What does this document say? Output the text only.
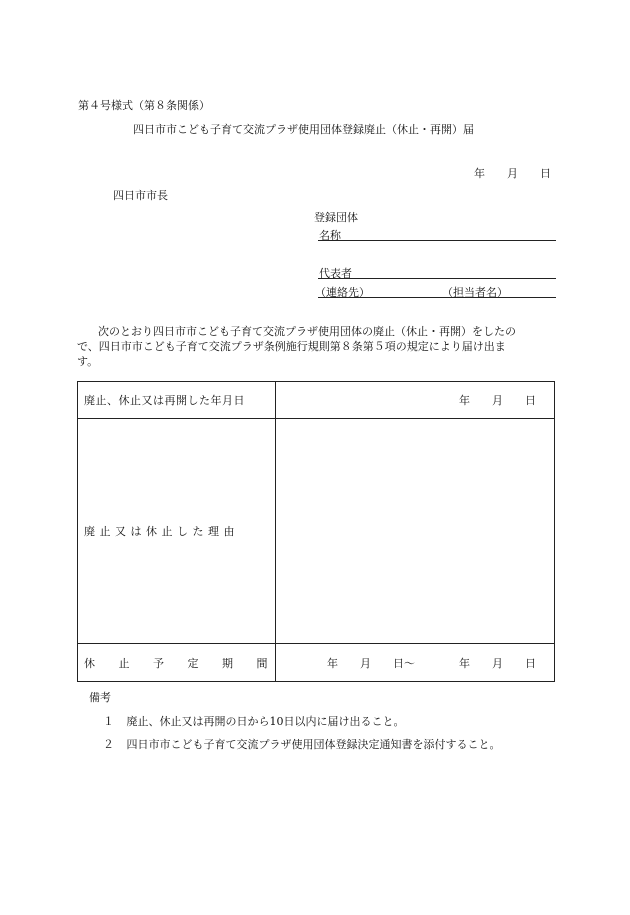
第４号様式（第８条関係）
四日市市こども子育て交流プラザ使用団体登録廃止（休止・再開）届
年　　月　　日
四日市市長
登録団体
名称
代表者
（連絡先）	（担当者名）
次のとおり四日市市こども子育て交流プラザ使用団体の廃止（休止・再開）をしたの
で、四日市市こども子育て交流プラザ条例施行規則第８条第５項の規定により届け出ま
す。
廃止、休止又は再開した年月日	年　　月　　日
廃 止 又 は 休 止 し た 理 由	
休　　止　　予　　定　　期　　間	年　　月　　日～　　　　年　　月　　日
備考
１ 廃止、休止又は再開の日から10日以内に届け出ること。
２ 四日市市こども子育て交流プラザ使用団体登録決定通知書を添付すること。
